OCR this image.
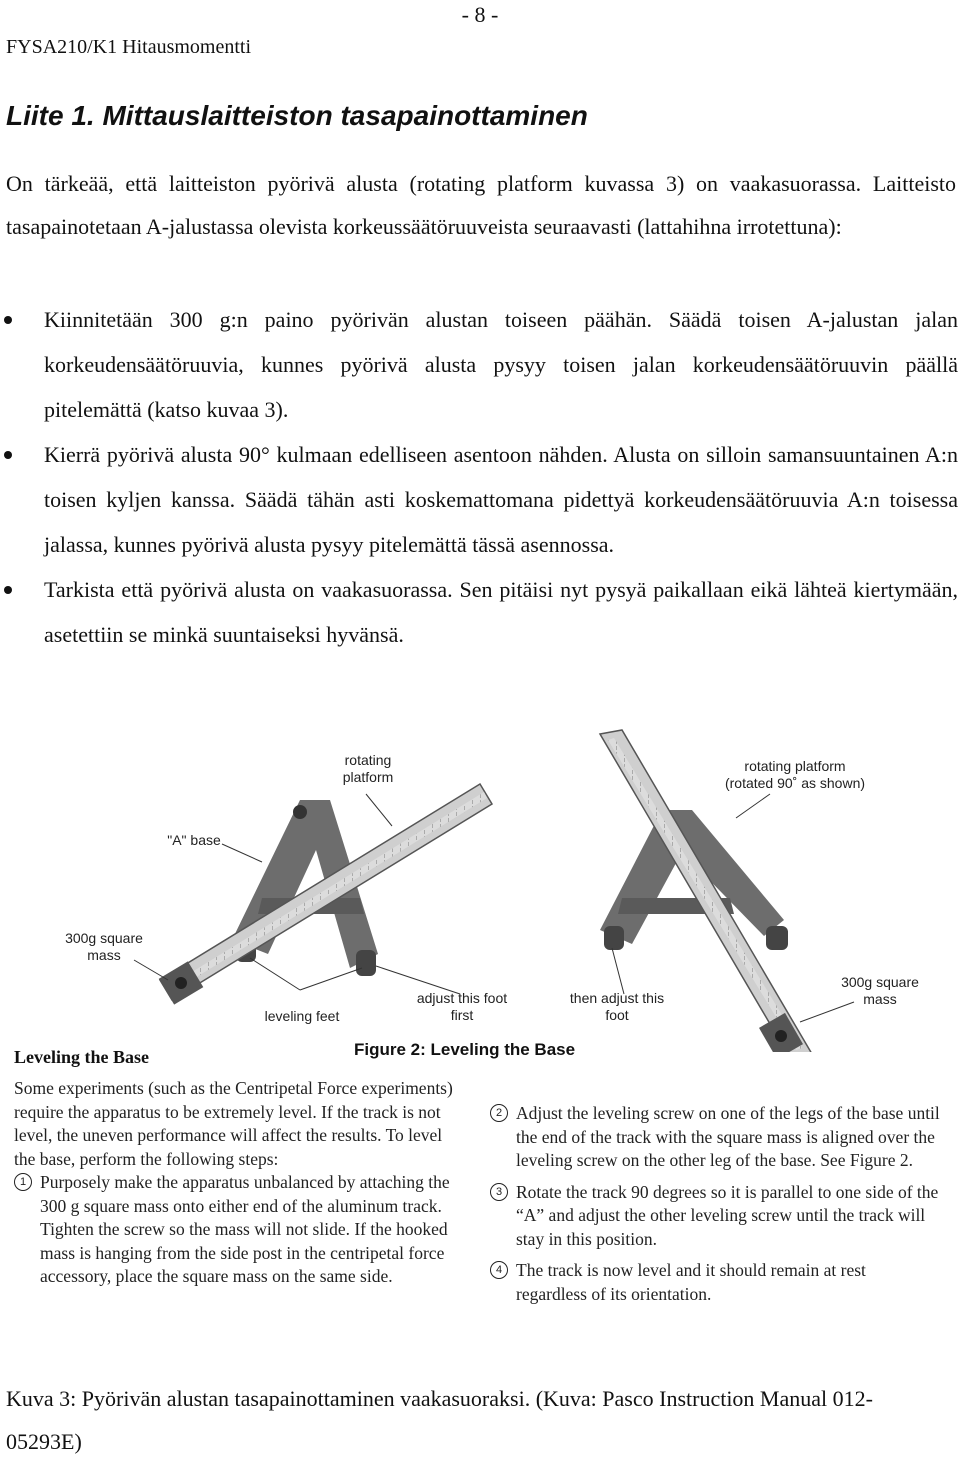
- 8 -
FYSA210/K1 Hitausmomentti
Liite 1. Mittauslaitteiston tasapainottaminen

On tärkeää, että laitteiston pyörivä alusta (rotating platform kuvassa 3) on vaakasuorassa. Laitteisto tasapainotetaan A-jalustassa olevista korkeussäätöruuveista seuraavasti (lattahihna irrotettuna):

Kiinnitetään 300 g:n paino pyörivän alustan toiseen päähän. Säädä toisen A-jalustan jalan korkeudensäätöruuvia, kunnes pyörivä alusta pysyy toisen jalan korkeudensäätöruuvin päällä pitelemättä (katso kuvaa 3).
Kierrä pyörivä alusta 90° kulmaan edelliseen asentoon nähden. Alusta on silloin samansuuntainen A:n toisen kyljen kanssa. Säädä tähän asti koskemattomana pidettyä korkeudensäätöruuvia A:n toisessa jalassa, kunnes pyörivä alusta pysyy pitelemättä tässä asennossa.
Tarkista että pyörivä alusta on vaakasuorassa. Sen pitäisi nyt pysyä paikallaan eikä lähteä kiertymään, asetettiin se minkä suuntaiseksi hyvänsä.
rotating platform
rotating platform (rotated 90˚ as shown)
"A" base
300g square mass
300g square mass
leveling feet
adjust this foot first
then adjust this foot
Figure 2: Leveling the Base
Leveling the Base

Some experiments (such as the Centripetal Force experiments) require the apparatus to be extremely level. If the track is not level, the uneven performance will affect the results. To level the base, perform the following steps:

1 Purposely make the apparatus unbalanced by attaching the 300 g square mass onto either end of the aluminum track. Tighten the screw so the mass will not slide. If the hooked mass is hanging from the side post in the centripetal force accessory, place the square mass on the same side.
2 Adjust the leveling screw on one of the legs of the base until the end of the track with the square mass is aligned over the leveling screw on the other leg of the base. See Figure 2.
3 Rotate the track 90 degrees so it is parallel to one side of the “A” and adjust the other leveling screw until the track will stay in this position.
4 The track is now level and it should remain at rest regardless of its orientation.
Kuva 3: Pyörivän alustan tasapainottaminen vaakasuoraksi. (Kuva: Pasco Instruction Manual 012-05293E)
